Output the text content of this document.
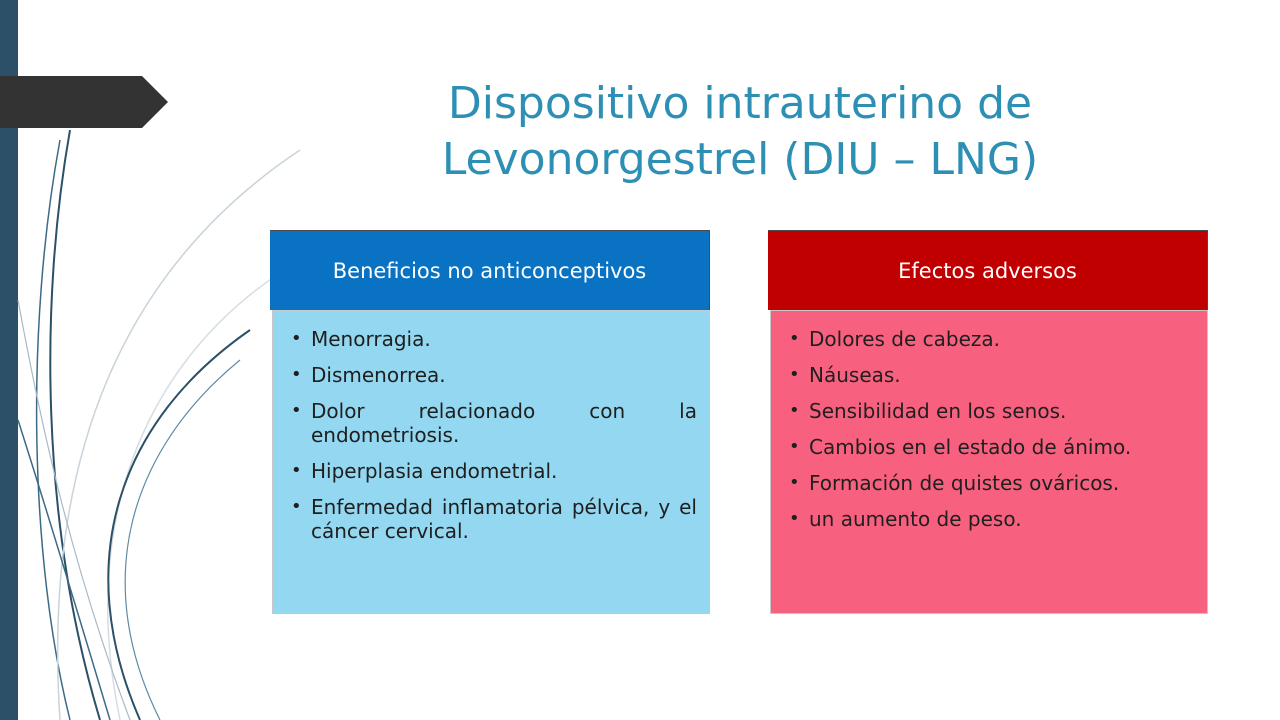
Dispositivo intrauterino de
Levonorgestrel (DIU – LNG)
Beneficios no anticonceptivos
• Menorragia.
• Dismenorrea.
• Dolor relacionado con la endometriosis.
• Hiperplasia endometrial.
• Enfermedad inflamatoria pélvica, y el cáncer cervical.
Efectos adversos
• Dolores de cabeza.
• Náuseas.
• Sensibilidad en los senos.
• Cambios en el estado de ánimo.
• Formación de quistes ováricos.
• un aumento de peso.
